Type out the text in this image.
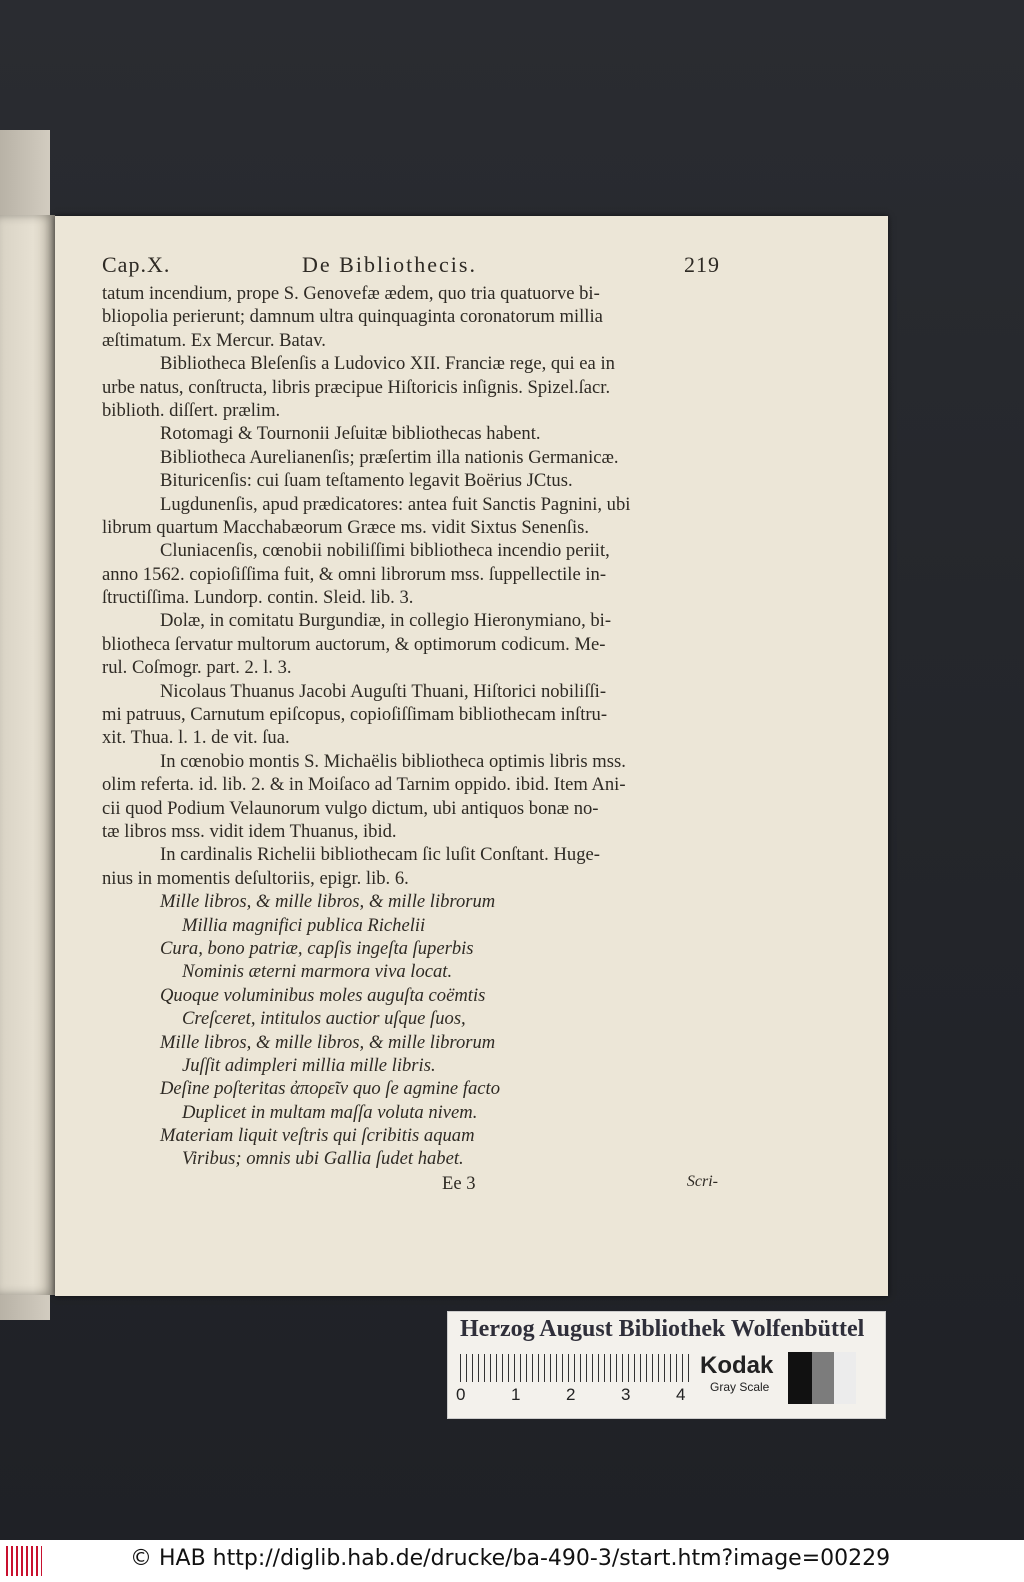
Cap.X.	De Bibliothecis.	219
tatum incendium, prope S. Genovefæ ædem, quo tria quatuorve bi-
bliopolia perierunt; damnum ultra quinquaginta coronatorum millia
æſtimatum. Ex Mercur. Batav.
Bibliotheca Bleſenſis a Ludovico XII. Franciæ rege, qui ea in
urbe natus, conſtructa, libris præcipue Hiſtoricis inſignis. Spizel.ſacr.
biblioth. diſſert. prælim.
Rotomagi & Tournonii Jeſuitæ bibliothecas habent.
Bibliotheca Aurelianenſis; præſertim illa nationis Germanicæ.
Bituricenſis: cui ſuam teſtamento legavit Boërius JCtus.
Lugdunenſis, apud prædicatores: antea fuit Sanctis Pagnini, ubi
librum quartum Macchabæorum Græce ms. vidit Sixtus Senenſis.
Cluniacenſis, cœnobii nobiliſſimi bibliotheca incendio periit,
anno 1562. copioſiſſima fuit, & omni librorum mss. ſuppellectile in-
ſtructiſſima. Lundorp. contin. Sleid. lib. 3.
Dolæ, in comitatu Burgundiæ, in collegio Hieronymiano, bi-
bliotheca ſervatur multorum auctorum, & optimorum codicum. Me-
rul. Coſmogr. part. 2. l. 3.
Nicolaus Thuanus Jacobi Auguſti Thuani, Hiſtorici nobiliſſi-
mi patruus, Carnutum epiſcopus, copioſiſſimam bibliothecam inſtru-
xit. Thua. l. 1. de vit. ſua.
In cœnobio montis S. Michaëlis bibliotheca optimis libris mss.
olim referta. id. lib. 2. & in Moiſaco ad Tarnim oppido. ibid. Item Ani-
cii quod Podium Velaunorum vulgo dictum, ubi antiquos bonæ no-
tæ libros mss. vidit idem Thuanus, ibid.
In cardinalis Richelii bibliothecam ſic luſit Conſtant. Huge-
nius in momentis deſultoriis, epigr. lib. 6.
Mille libros, & mille libros, & mille librorum
Millia magnifici publica Richelii
Cura, bono patriæ, capſis ingeſta ſuperbis
Nominis æterni marmora viva locat.
Quoque voluminibus moles auguſta coëmtis
Creſceret, intitulos auctior uſque ſuos,
Mille libros, & mille libros, & mille librorum
Juſſit adimpleri millia mille libris.
Deſine poſteritas ἀπορεῖν quo ſe agmine facto
Duplicet in multam maſſa voluta nivem.
Materiam liquit veſtris qui ſcribitis aquam
Viribus; omnis ubi Gallia ſudet habet.
Ee 3	Scri-
Herzog August Bibliothek Wolfenbüttel
0	1	2	3	4
Kodak
Gray Scale
© HAB http://diglib.hab.de/drucke/ba-490-3/start.htm?image=00229
